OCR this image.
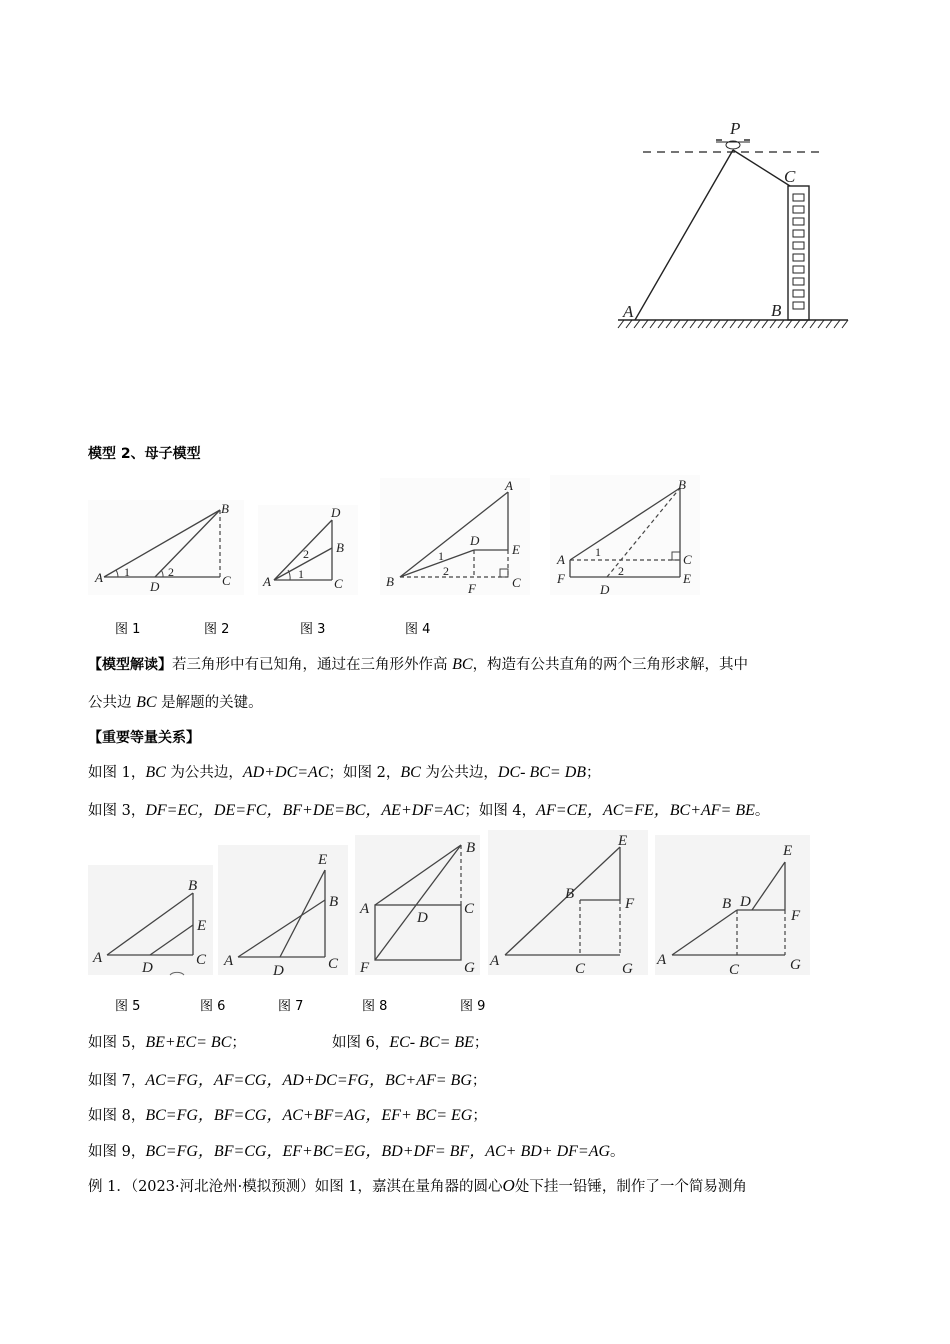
P
C
A	B
模型 2、母子模型
A
B
C
D
1	2
A
D
B
C
1
2
B
A
D
E
F	C
1
2
B
A	C
F	E
D
1
2
图 1	图 2	图 3	图 4
【模型解读】若三角形中有已知角，通过在三角形外作高 BC，构造有公共直角的两个三角形求解，其中
公共边 BC 是解题的关键。
【重要等量关系】
如图 1，BC 为公共边，AD+DC=AC；如图 2，BC 为公共边，DC- BC= DB；
如图 3，DF=EC，DE=FC，BF+DE=BC，AE+DF=AC；如图 4，AF=CE，AC=FE，BC+AF= BE。
A
B
E
C
D	A
E
B
C
D
A
B
C
D
F	G A
B
E
F
C G
A
B D
E
F
C	G
图 5	图 6	图 7	图 8	图 9
如图 5，BE+EC= BC；	如图 6，EC- BC= BE；
如图 7，AC=FG，AF=CG，AD+DC=FG，BC+AF= BG；
如图 8，BC=FG，BF=CG，AC+BF=AG，EF+ BC= EG；
如图 9，BC=FG，BF=CG，EF+BC=EG，BD+DF= BF，AC+ BD+ DF=AG。
例 1．（2023·河北沧州·模拟预测）如图 1，嘉淇在量角器的圆心O处下挂一铅锤，制作了一个简易测角
